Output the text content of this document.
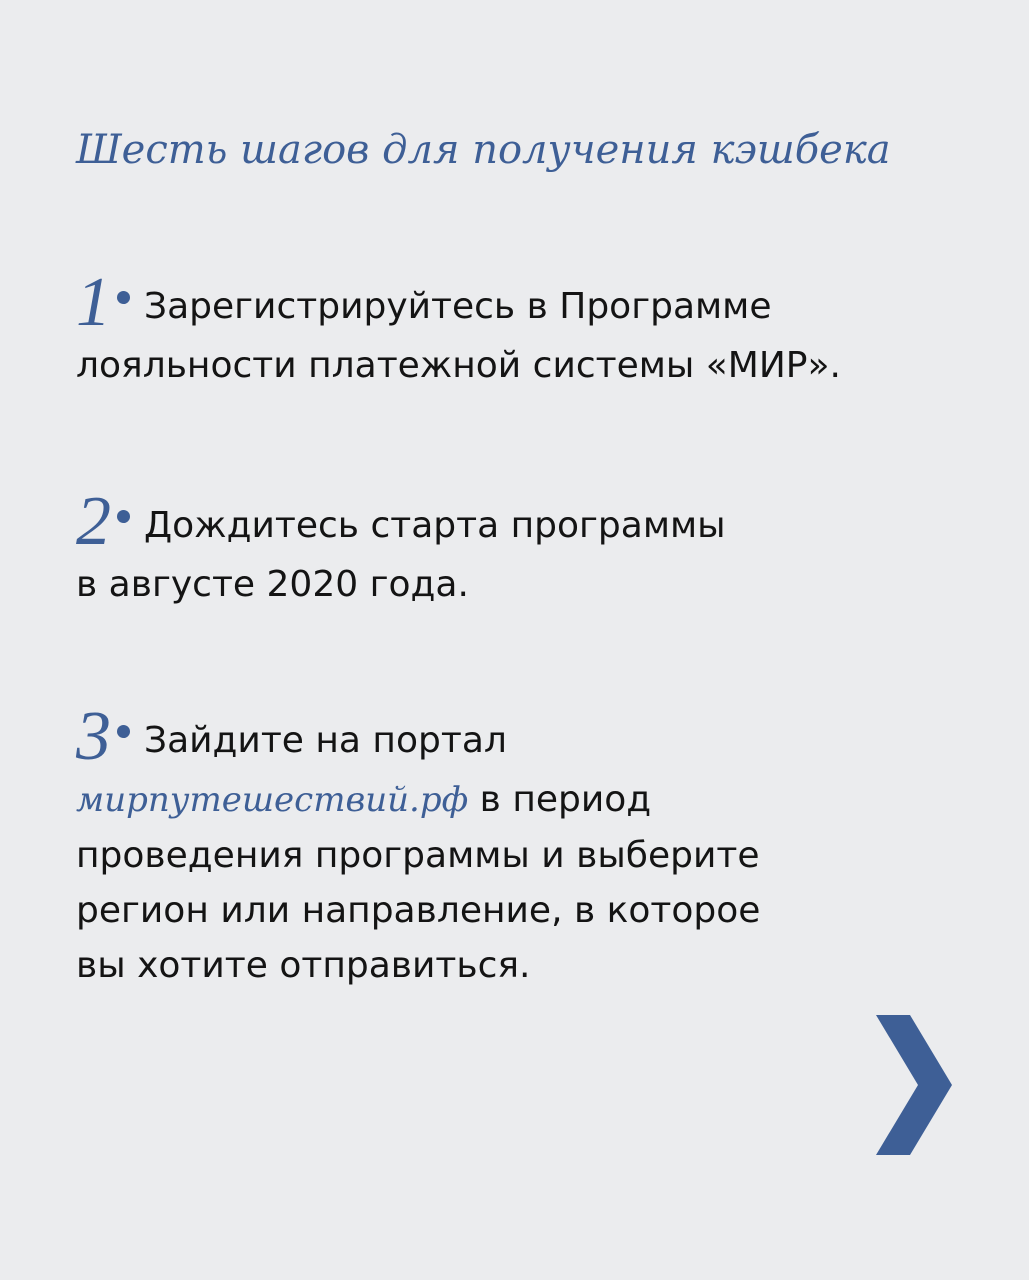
Шесть шагов для получения кэшбека
1 Зарегистрируйтесь в Программе
лояльности платежной системы «МИР».
2 Дождитесь старта программы
в августе 2020 года.
3 Зайдите на портал
мирпутешествий.рф в период
проведения программы и выберите
регион или направление, в которое
вы хотите отправиться.
